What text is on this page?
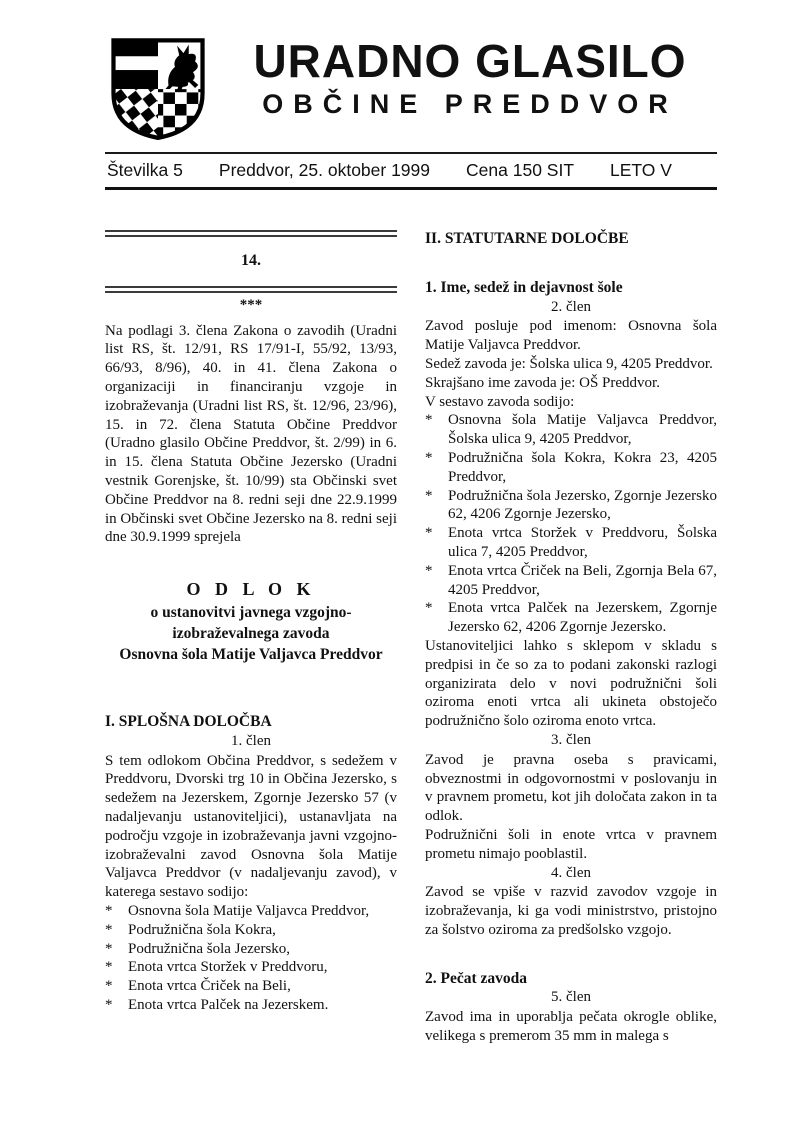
URADNO GLASILO
OBČINE PREDDVOR
Številka 5 Preddvor, 25. oktober 1999 Cena 150 SIT LETO V
14.
***

Na podlagi 3. člena Zakona o zavodih (Uradni list RS, št. 12/91, RS 17/91-I, 55/92, 13/93, 66/93, 8/96), 40. in 41. člena Zakona o organizaciji in financiranju vzgoje in izobraževanja (Uradni list RS, št. 12/96, 23/96), 15. in 72. člena Statuta Občine Preddvor (Uradno glasilo Občine Preddvor, št. 2/99) in 6. in 15. člena Statuta Občine Jezersko (Uradni vestnik Gorenjske, št. 10/99) sta Občinski svet Občine Preddvor na 8. redni seji dne 22.9.1999 in Občinski svet Občine Jezersko na 8. redni seji dne 30.9.1999 sprejela

O D L O K
o ustanovitvi javnega vzgojno-
izobraževalnega zavoda
Osnovna šola Matije Valjavca Preddvor
I. SPLOŠNA DOLOČBA
1. člen

S tem odlokom Občina Preddvor, s sedežem v Preddvoru, Dvorski trg 10 in Občina Jezersko, s sedežem na Jezerskem, Zgornje Jezersko 57 (v nadaljevanju ustanoviteljici), ustanavljata na področju vzgoje in izobraževanja javni vzgojno-izobraževalni zavod Osnovna šola Matije Valjavca Preddvor (v nadaljevanju zavod), v katerega sestavo sodijo:

*	Osnovna šola Matije Valjavca Preddvor,
*	Podružnična šola Kokra,
*	Podružnična šola Jezersko,
*	Enota vrtca Storžek v Preddvoru,
*	Enota vrtca Čriček na Beli,
*	Enota vrtca Palček na Jezerskem.
II. STATUTARNE DOLOČBE
1. Ime, sedež in dejavnost šole
2. člen

Zavod posluje pod imenom: Osnovna šola Matije Valjavca Preddvor.

Sedež zavoda je: Šolska ulica 9, 4205 Preddvor.

Skrajšano ime zavoda je: OŠ Preddvor.

V sestavo zavoda sodijo:

*	Osnovna šola Matije Valjavca Preddvor, Šolska ulica 9, 4205 Preddvor,
*	Podružnična šola Kokra, Kokra 23, 4205 Preddvor,
*	Podružnična šola Jezersko, Zgornje Jezersko 62, 4206 Zgornje Jezersko,
*	Enota vrtca Storžek v Preddvoru, Šolska ulica 7, 4205 Preddvor,
*	Enota vrtca Čriček na Beli, Zgornja Bela 67, 4205 Preddvor,
*	Enota vrtca Palček na Jezerskem, Zgornje Jezersko 62, 4206 Zgornje Jezersko.

Ustanoviteljici lahko s sklepom v skladu s predpisi in če so za to podani zakonski razlogi organizirata delo v novi podružnični šoli oziroma enoti vrtca ali ukineta obstoječo podružnično šolo oziroma enoto vrtca.

3. člen

Zavod je pravna oseba s pravicami, obveznostmi in odgovornostmi v poslovanju in v pravnem prometu, kot jih določata zakon in ta odlok.

Podružnični šoli in enote vrtca v pravnem prometu nimajo pooblastil.

4. člen

Zavod se vpiše v razvid zavodov vzgoje in izobraževanja, ki ga vodi ministrstvo, pristojno za šolstvo oziroma za predšolsko vzgojo.

2. Pečat zavoda
5. člen

Zavod ima in uporablja pečata okrogle oblike, velikega s premerom 35 mm in malega s
